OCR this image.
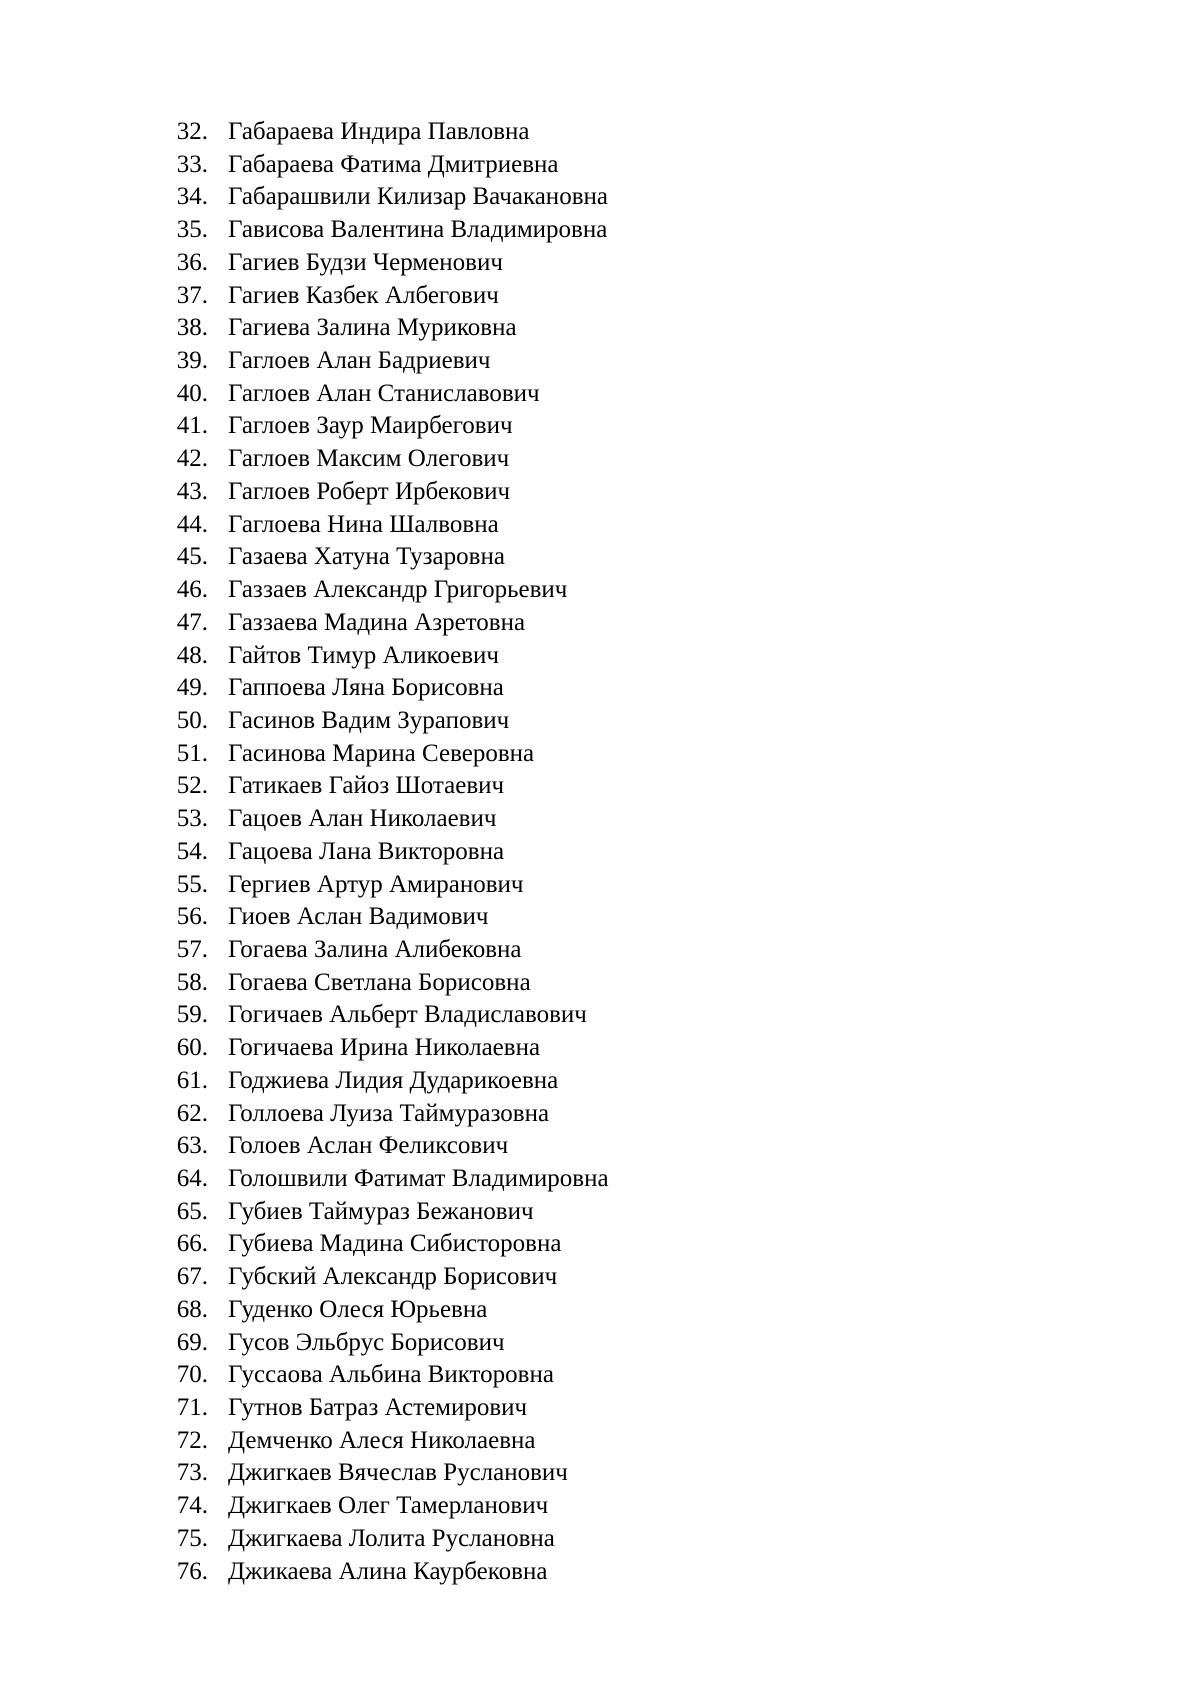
32. Габараева Индира Павловна
33. Габараева Фатима Дмитриевна
34. Габарашвили Килизар Вачакановна
35. Гависова Валентина Владимировна
36. Гагиев Будзи Черменович
37. Гагиев Казбек Албегович
38. Гагиева Залина Муриковна
39. Гаглоев Алан Бадриевич
40. Гаглоев Алан Станиславович
41. Гаглоев Заур Маирбегович
42. Гаглоев Максим Олегович
43. Гаглоев Роберт Ирбекович
44. Гаглоева Нина Шалвовна
45. Газаева Хатуна Тузаровна
46. Газзаев Александр Григорьевич
47. Газзаева Мадина Азретовна
48. Гайтов Тимур Аликоевич
49. Гаппоева Ляна Борисовна
50. Гасинов Вадим Зурапович
51. Гасинова Марина Северовна
52. Гатикаев Гайоз Шотаевич
53. Гацоев Алан Николаевич
54. Гацоева Лана Викторовна
55. Гергиев Артур Амиранович
56. Гиоев Аслан Вадимович
57. Гогаева Залина Алибековна
58. Гогаева Светлана Борисовна
59. Гогичаев Альберт Владиславович
60. Гогичаева Ирина Николаевна
61. Годжиева Лидия Дударикоевна
62. Голлоева Луиза Таймуразовна
63. Голоев Аслан Феликсович
64. Голошвили Фатимат Владимировна
65. Губиев Таймураз Бежанович
66. Губиева Мадина Сибисторовна
67. Губский Александр Борисович
68. Гуденко Олеся Юрьевна
69. Гусов Эльбрус Борисович
70. Гуссаова Альбина Викторовна
71. Гутнов Батраз Астемирович
72. Демченко Алеся Николаевна
73. Джигкаев Вячеслав Русланович
74. Джигкаев Олег Тамерланович
75. Джигкаева Лолита Руслановна
76. Джикаева Алина Каурбековна
